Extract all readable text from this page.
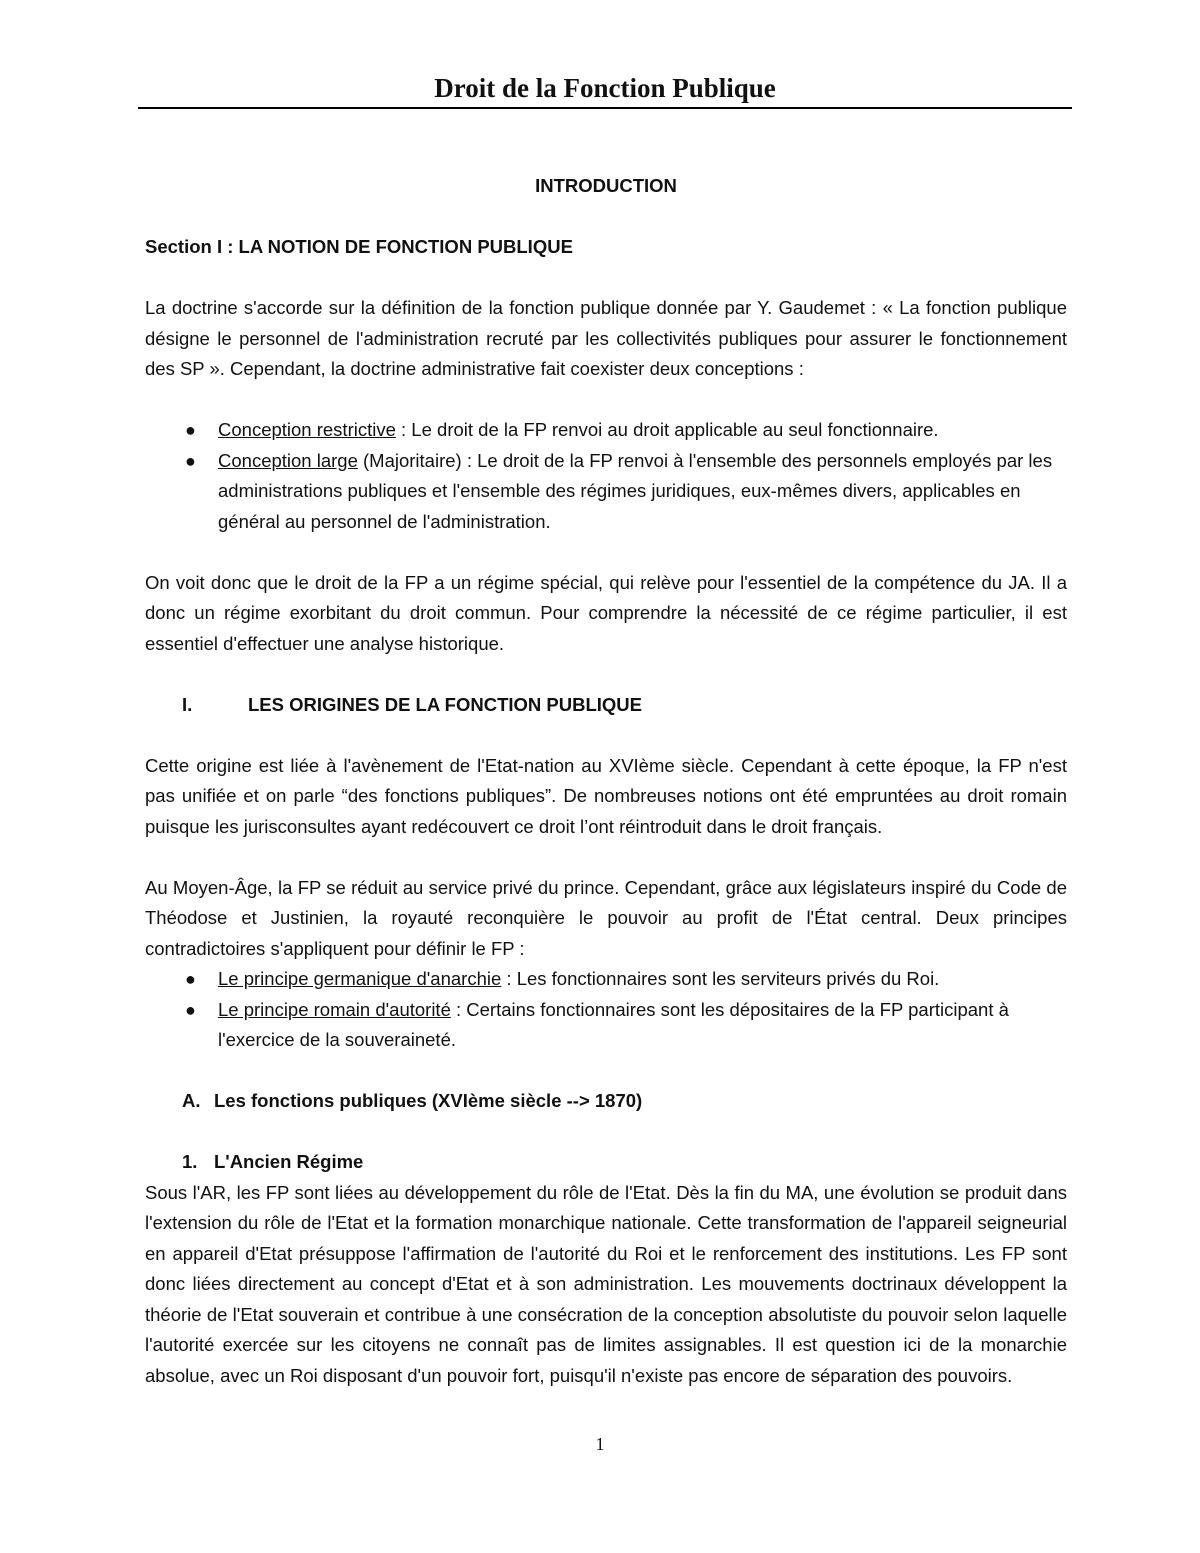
Droit de la Fonction Publique

INTRODUCTION

Section I : LA NOTION DE FONCTION PUBLIQUE

La doctrine s'accorde sur la définition de la fonction publique donnée par Y. Gaudemet : « La fonction publique désigne le personnel de l'administration recruté par les collectivités publiques pour assurer le fonctionnement des SP ». Cependant, la doctrine administrative fait coexister deux conceptions :

● Conception restrictive : Le droit de la FP renvoi au droit applicable au seul fonctionnaire.
● Conception large (Majoritaire) : Le droit de la FP renvoi à l'ensemble des personnels employés par les administrations publiques et l'ensemble des régimes juridiques, eux-mêmes divers, applicables en général au personnel de l'administration.

On voit donc que le droit de la FP a un régime spécial, qui relève pour l'essentiel de la compétence du JA. Il a donc un régime exorbitant du droit commun. Pour comprendre la nécessité de ce régime particulier, il est essentiel d'effectuer une analyse historique.

I.	LES ORIGINES DE LA FONCTION PUBLIQUE

Cette origine est liée à l'avènement de l'Etat-nation au XVIème siècle. Cependant à cette époque, la FP n'est pas unifiée et on parle “des fonctions publiques”. De nombreuses notions ont été empruntées au droit romain puisque les jurisconsultes ayant redécouvert ce droit l’ont réintroduit dans le droit français.

Au Moyen-Âge, la FP se réduit au service privé du prince. Cependant, grâce aux législateurs inspiré du Code de Théodose et Justinien, la royauté reconquière le pouvoir au profit de l'État central. Deux principes contradictoires s'appliquent pour définir le FP :

● Le principe germanique d'anarchie : Les fonctionnaires sont les serviteurs privés du Roi.
● Le principe romain d'autorité : Certains fonctionnaires sont les dépositaires de la FP participant à l'exercice de la souveraineté.

A. Les fonctions publiques (XVIème siècle --> 1870)

1. L'Ancien Régime

Sous l'AR, les FP sont liées au développement du rôle de l'Etat. Dès la fin du MA, une évolution se produit dans l'extension du rôle de l'Etat et la formation monarchique nationale. Cette transformation de l'appareil seigneurial en appareil d'Etat présuppose l'affirmation de l'autorité du Roi et le renforcement des institutions. Les FP sont donc liées directement au concept d'Etat et à son administration. Les mouvements doctrinaux développent la théorie de l'Etat souverain et contribue à une consécration de la conception absolutiste du pouvoir selon laquelle l'autorité exercée sur les citoyens ne connaît pas de limites assignables. Il est question ici de la monarchie absolue, avec un Roi disposant d'un pouvoir fort, puisqu'il n'existe pas encore de séparation des pouvoirs.

1
